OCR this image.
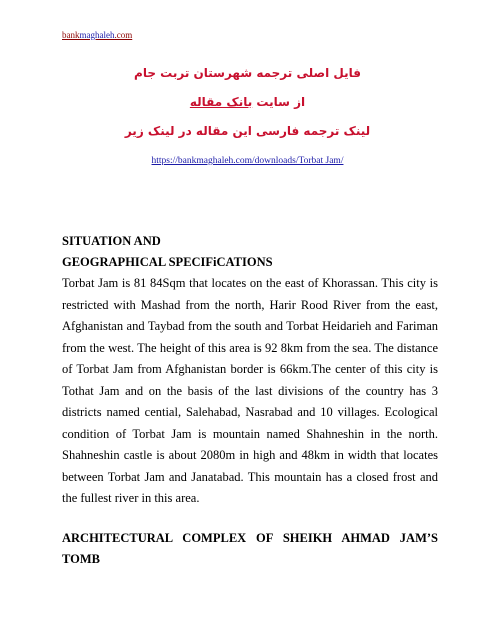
bankmaghaleh.com
فایل اصلی ترجمه شهرستان تربت جام
از سایت بانک مقاله
لینک ترجمه فارسی این مقاله در لینک زیر
https://bankmaghaleh.com/downloads/Torbat Jam/
SITUATION AND
GEOGRAPHICAL SPECIFiCATIONS

Torbat Jam is 81 84Sqm that locates on the east of Khorassan. This city is restricted with Mashad from the north, Harir Rood River from the east, Afghanistan and Taybad from the south and Torbat Heidarieh and Fariman from the west. The height of this area is 92 8km from the sea. The distance of Torbat Jam from Afghanistan border is 66km.The center of this city is Tothat Jam and on the basis of the last divisions of the country has 3 districts named cential, Salehabad, Nasrabad and 10 villages. Ecological condition of Torbat Jam is mountain named Shahneshin in the north. Shahneshin castle is about 2080m in high and 48km in width that locates between Torbat Jam and Janatabad. This mountain has a closed frost and the fullest river in this area.

ARCHITECTURAL COMPLEX OF SHEIKH AHMAD JAM’S TOMB
